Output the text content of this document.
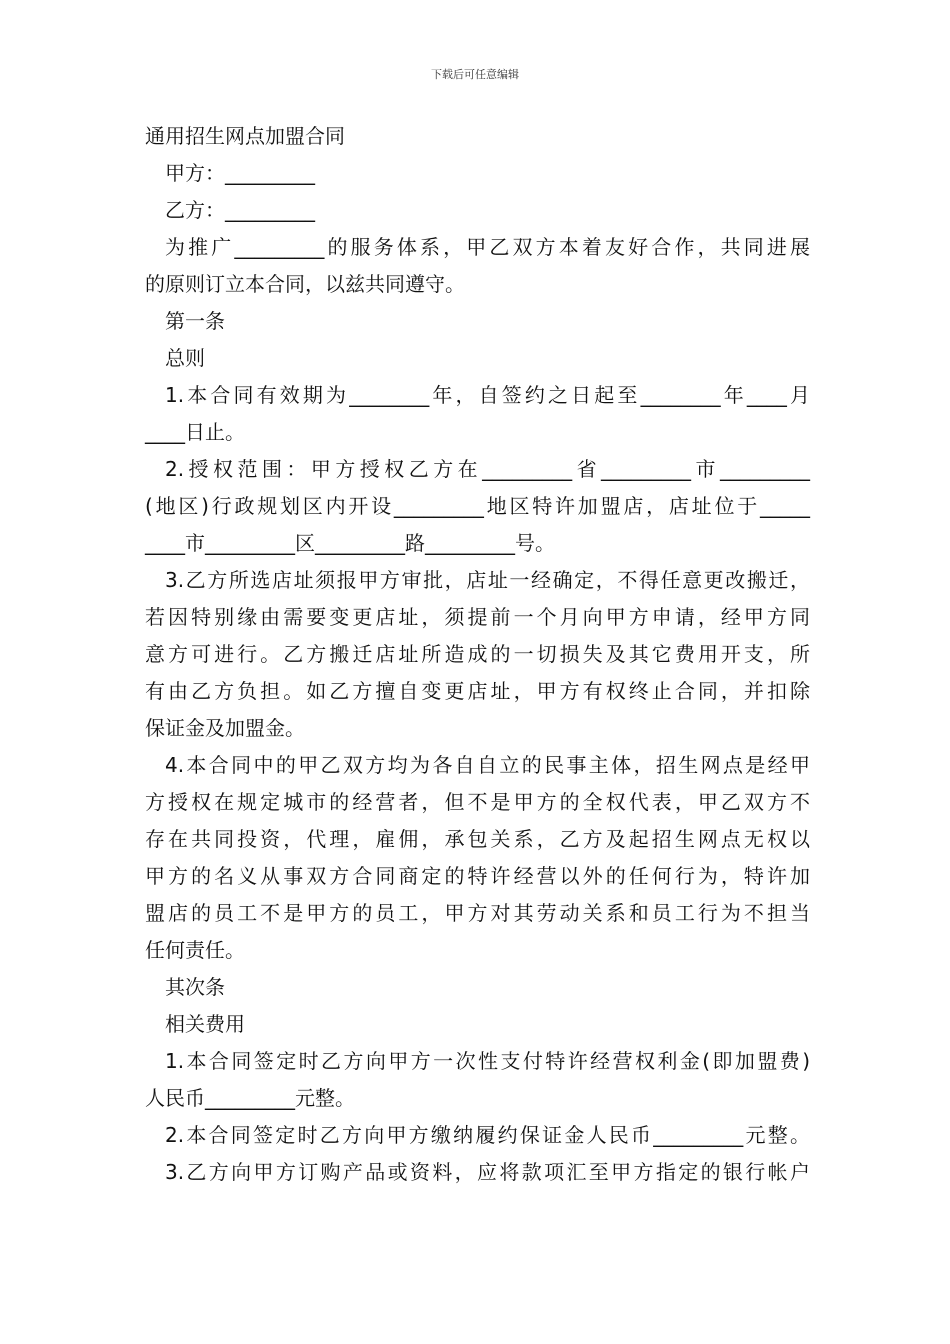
下载后可任意编辑
通用招生网点加盟合同
甲方：_________
乙方：_________
为推广_________的服务体系，甲乙双方本着友好合作，共同进展
的原则订立本合同，以兹共同遵守。
第一条
总则
1.本合同有效期为________年，自签约之日起至________年____月
____日止。
2.授权范围：甲方授权乙方在_________省_________市_________
(地区)行政规划区内开设_________地区特许加盟店，店址位于_____
____市_________区_________路_________号。
3.乙方所选店址须报甲方审批，店址一经确定，不得任意更改搬迁，
若因特别缘由需要变更店址，须提前一个月向甲方申请，经甲方同
意方可进行。乙方搬迁店址所造成的一切损失及其它费用开支，所
有由乙方负担。如乙方擅自变更店址，甲方有权终止合同，并扣除
保证金及加盟金。
4.本合同中的甲乙双方均为各自自立的民事主体，招生网点是经甲
方授权在规定城市的经营者，但不是甲方的全权代表，甲乙双方不
存在共同投资，代理，雇佣，承包关系，乙方及起招生网点无权以
甲方的名义从事双方合同商定的特许经营以外的任何行为，特许加
盟店的员工不是甲方的员工，甲方对其劳动关系和员工行为不担当
任何责任。
其次条
相关费用
1.本合同签定时乙方向甲方一次性支付特许经营权利金(即加盟费)
人民币_________元整。
2.本合同签定时乙方向甲方缴纳履约保证金人民币_________元整。
3.乙方向甲方订购产品或资料，应将款项汇至甲方指定的银行帐户
